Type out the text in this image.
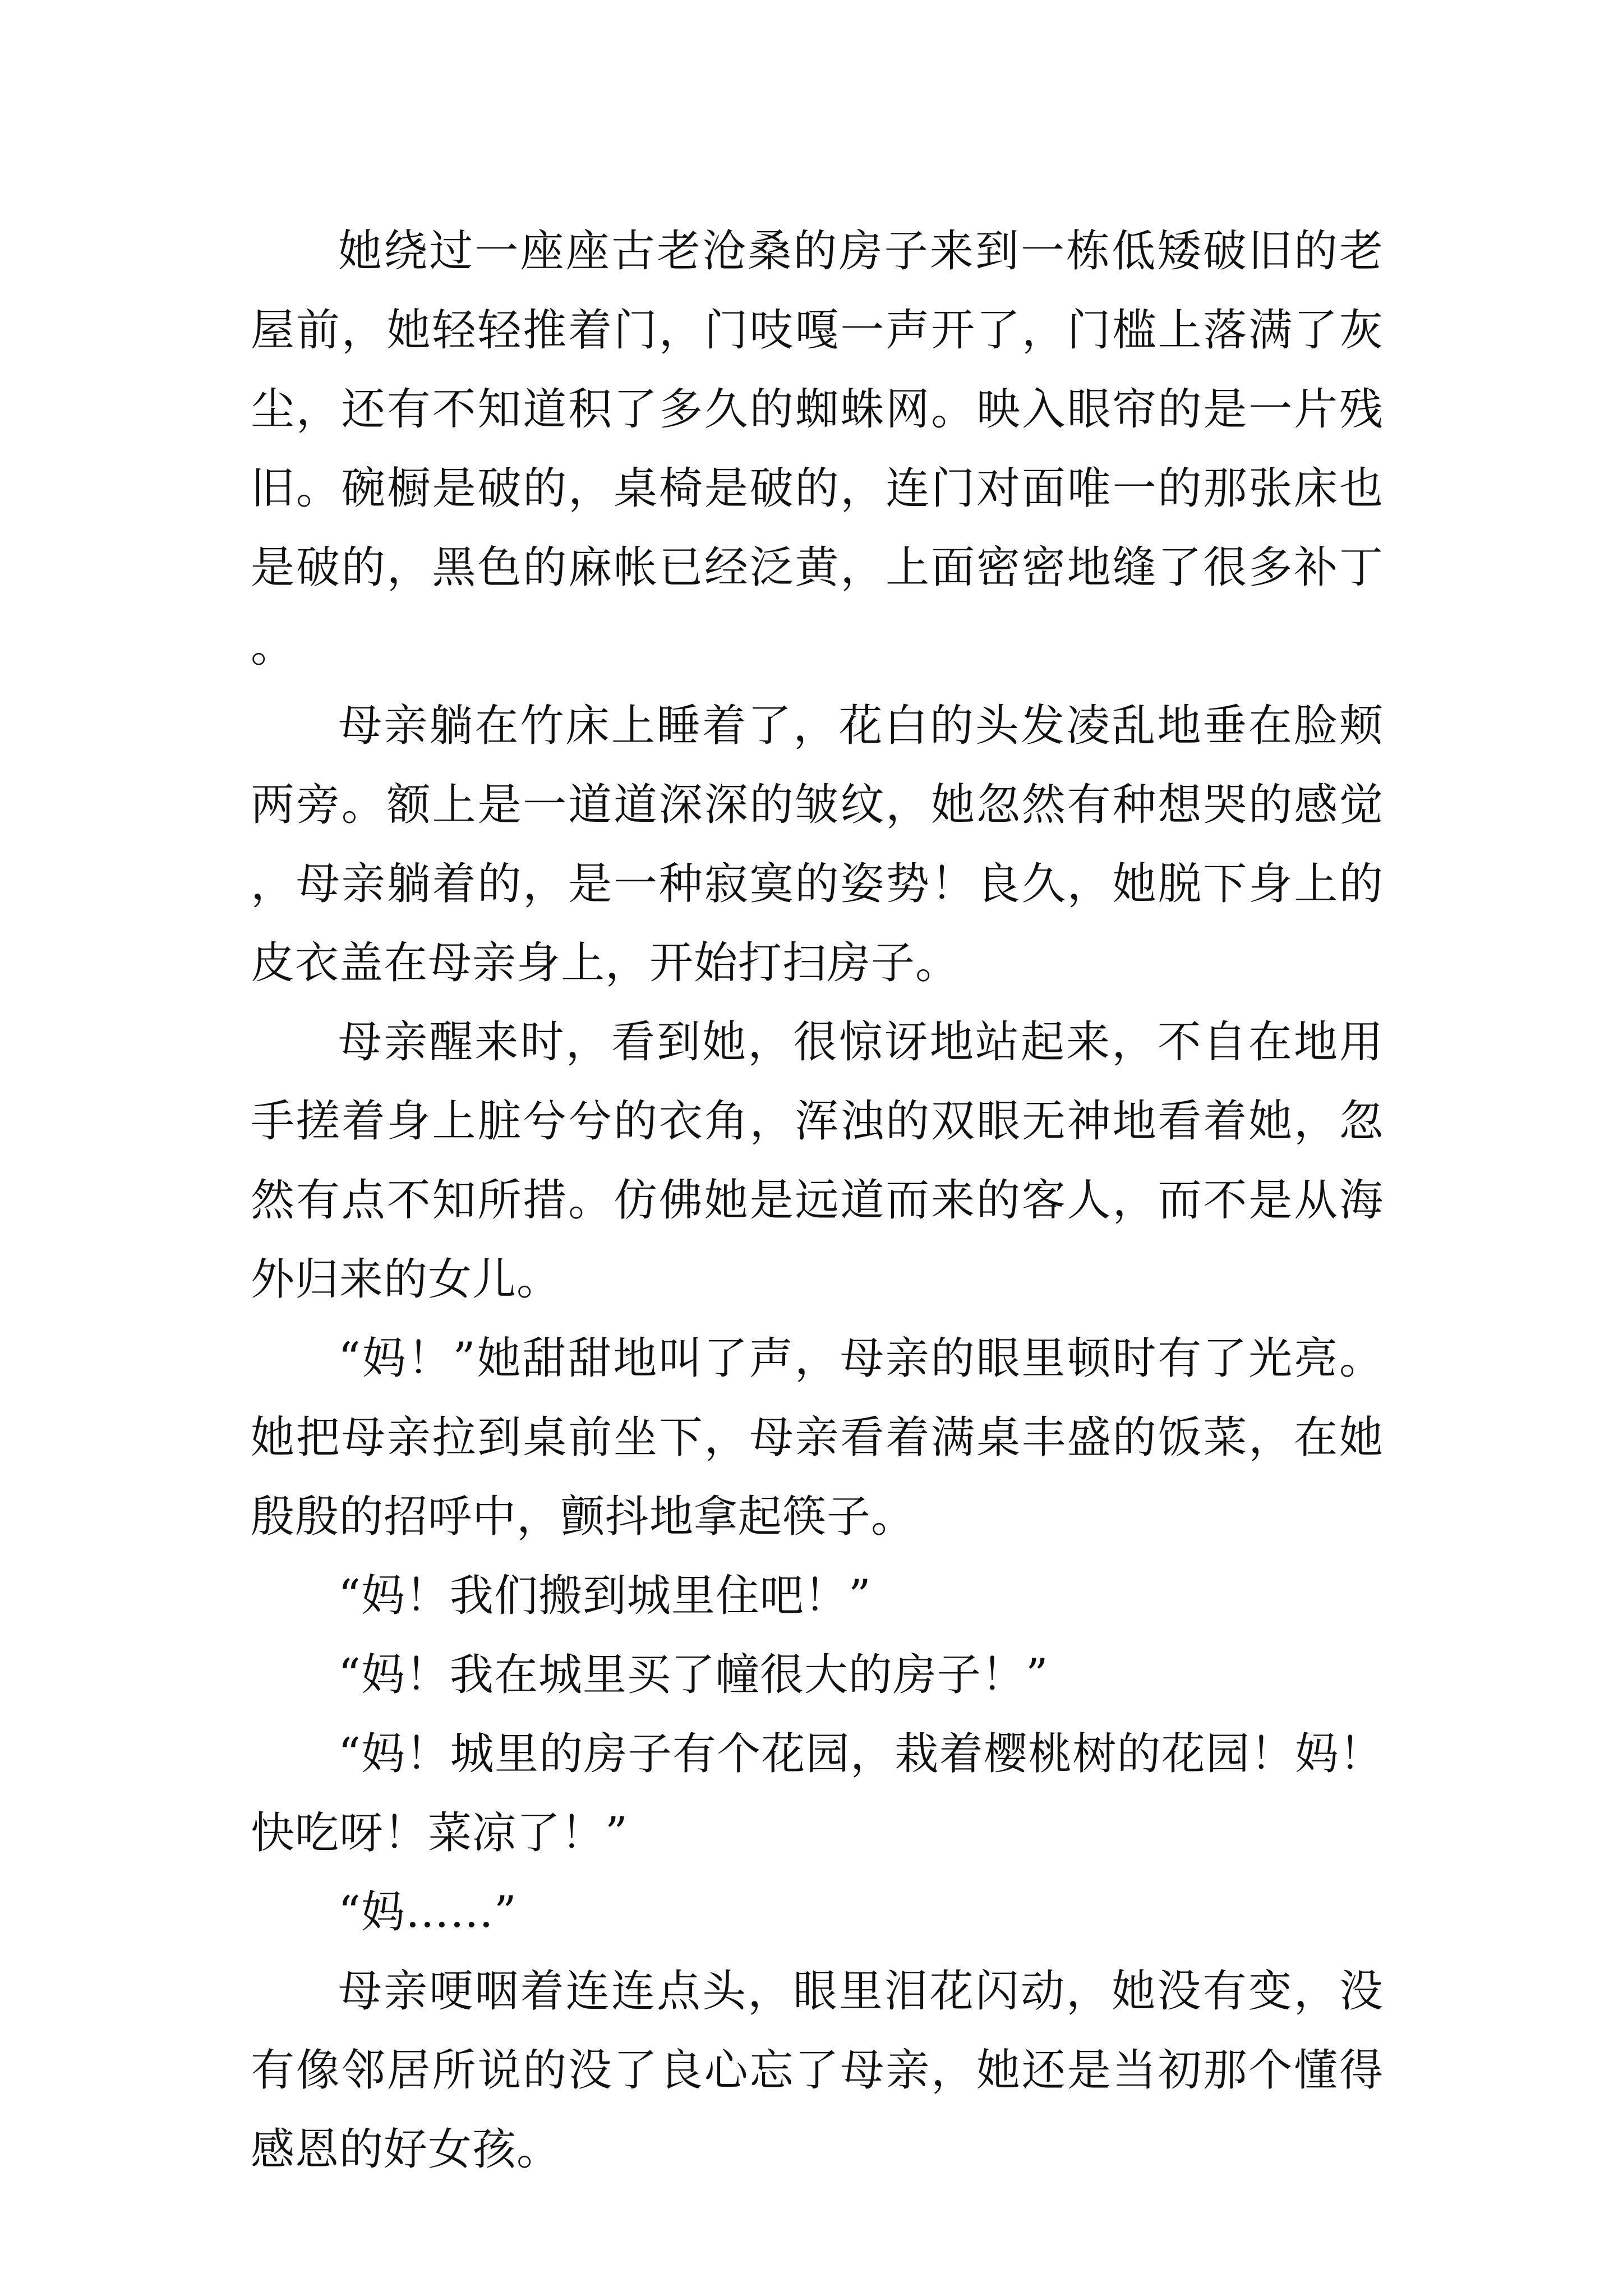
她绕过一座座古老沧桑的房子来到一栋低矮破旧的老屋前，她轻轻推着门，门吱嘎一声开了，门槛上落满了灰尘，还有不知道积了多久的蜘蛛网。映入眼帘的是一片残旧。碗橱是破的，桌椅是破的，连门对面唯一的那张床也是破的，黑色的麻帐已经泛黄，上面密密地缝了很多补丁。

母亲躺在竹床上睡着了，花白的头发凌乱地垂在脸颊两旁。额上是一道道深深的皱纹，她忽然有种想哭的感觉，母亲躺着的，是一种寂寞的姿势！良久，她脱下身上的皮衣盖在母亲身上，开始打扫房子。

母亲醒来时，看到她，很惊讶地站起来，不自在地用手搓着身上脏兮兮的衣角，浑浊的双眼无神地看着她，忽然有点不知所措。仿佛她是远道而来的客人，而不是从海外归来的女儿。

“妈！”她甜甜地叫了声，母亲的眼里顿时有了光亮。她把母亲拉到桌前坐下，母亲看着满桌丰盛的饭菜，在她殷殷的招呼中，颤抖地拿起筷子。

“妈！我们搬到城里住吧！”

“妈！我在城里买了幢很大的房子！”

“妈！城里的房子有个花园，栽着樱桃树的花园！妈！快吃呀！菜凉了！”

“妈……”

母亲哽咽着连连点头，眼里泪花闪动，她没有变，没有像邻居所说的没了良心忘了母亲，她还是当初那个懂得感恩的好女孩。
